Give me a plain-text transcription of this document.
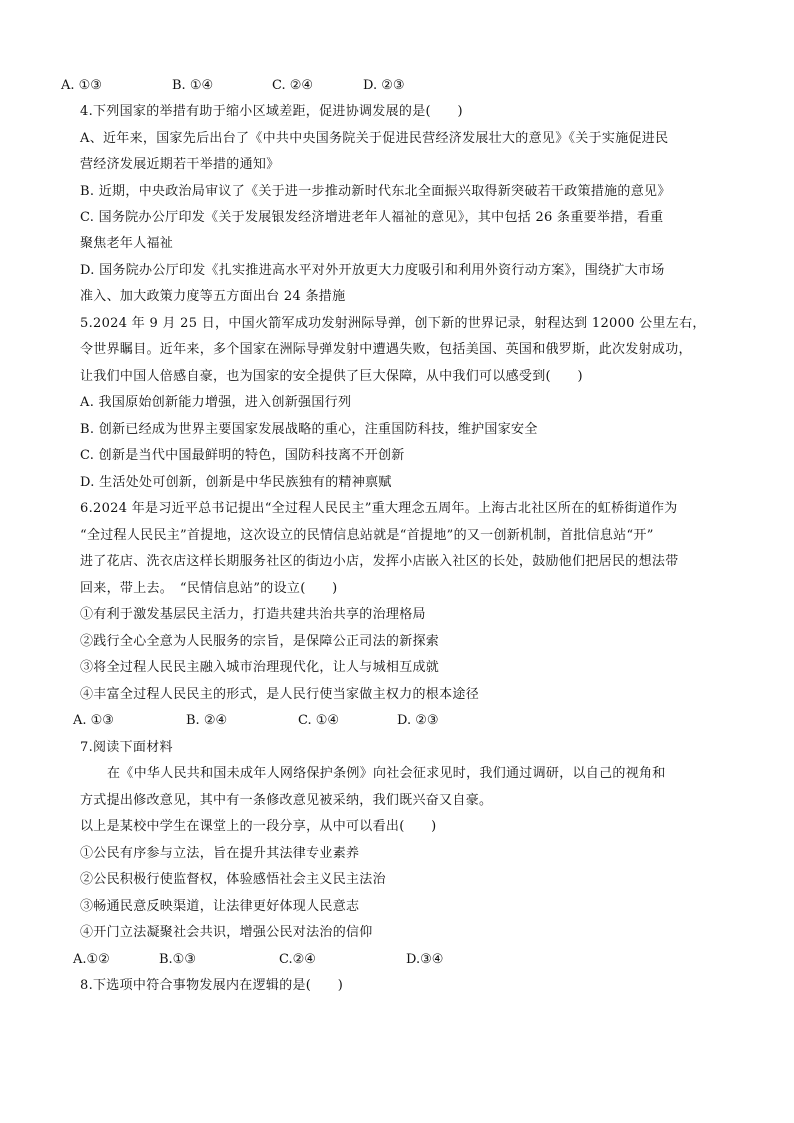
A. ①③	B. ①④	C. ②④	D. ②③
4.下列国家的举措有助于缩小区域差距，促进协调发展的是(　　)
A、近年来，国家先后出台了《中共中央国务院关于促进民营经济发展壮大的意见》《关于实施促进民
营经济发展近期若干举措的通知》
B. 近期，中央政治局审议了《关于进一步推动新时代东北全面振兴取得新突破若干政策措施的意见》
C. 国务院办公厅印发《关于发展银发经济增进老年人福祉的意见》，其中包括 26 条重要举措，看重
聚焦老年人福祉
D. 国务院办公厅印发《扎实推进高水平对外开放更大力度吸引和利用外资行动方案》，围绕扩大市场
准入、加大政策力度等五方面出台 24 条措施
5.2024 年 9 月 25 日，中国火箭军成功发射洲际导弹，创下新的世界记录，射程达到 12000 公里左右，
令世界瞩目。近年来，多个国家在洲际导弹发射中遭遇失败，包括美国、英国和俄罗斯，此次发射成功，
让我们中国人倍感自豪，也为国家的安全提供了巨大保障，从中我们可以感受到(　　)
A. 我国原始创新能力增强，进入创新强国行列
B. 创新已经成为世界主要国家发展战略的重心，注重国防科技，维护国家安全
C. 创新是当代中国最鲜明的特色，国防科技离不开创新
D. 生活处处可创新，创新是中华民族独有的精神禀赋
6.2024 年是习近平总书记提出“全过程人民民主”重大理念五周年。上海古北社区所在的虹桥街道作为
“全过程人民民主”首提地，这次设立的民情信息站就是“首提地”的又一创新机制，首批信息站“开”
进了花店、洗衣店这样长期服务社区的街边小店，发挥小店嵌入社区的长处，鼓励他们把居民的想法带
回来，带上去。　“民情信息站”的设立(　　)
①有利于激发基层民主活力，打造共建共治共享的治理格局
②践行全心全意为人民服务的宗旨，是保障公正司法的新探索
③将全过程人民民主融入城市治理现代化，让人与城相互成就
④丰富全过程人民民主的形式，是人民行使当家做主权力的根本途径
A. ①③	B. ②④	C. ①④	D. ②③
7.阅读下面材料
在《中华人民共和国未成年人网络保护条例》向社会征求见时，我们通过调研，以自己的视角和
方式提出修改意见，其中有一条修改意见被采纳，我们既兴奋又自豪。
以上是某校中学生在课堂上的一段分享，从中可以看出(　　)
①公民有序参与立法，旨在提升其法律专业素养
②公民积极行使监督权，体验感悟社会主义民主法治
③畅通民意反映渠道，让法律更好体现人民意志
④开门立法凝聚社会共识，增强公民对法治的信仰
A.①②	B.①③	C.②④	D.③④
8.下选项中符合事物发展内在逻辑的是(　　)
